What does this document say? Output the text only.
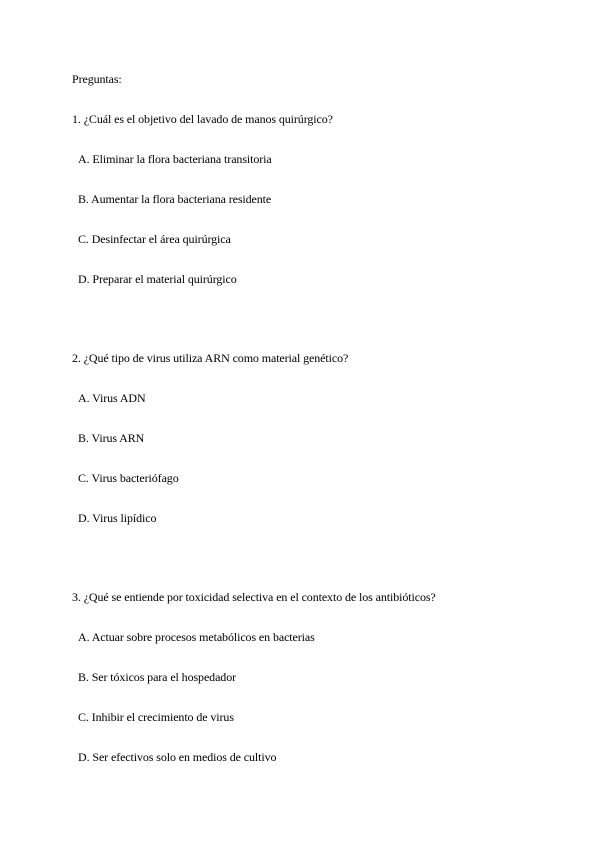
Preguntas:
1. ¿Cuál es el objetivo del lavado de manos quirúrgico?
A. Eliminar la flora bacteriana transitoria
B. Aumentar la flora bacteriana residente
C. Desinfectar el área quirúrgica
D. Preparar el material quirúrgico
2. ¿Qué tipo de virus utiliza ARN como material genético?
A. Virus ADN
B. Virus ARN
C. Virus bacteriófago
D. Virus lipídico
3. ¿Qué se entiende por toxicidad selectiva en el contexto de los antibióticos?
A. Actuar sobre procesos metabólicos en bacterias
B. Ser tóxicos para el hospedador
C. Inhibir el crecimiento de virus
D. Ser efectivos solo en medios de cultivo
